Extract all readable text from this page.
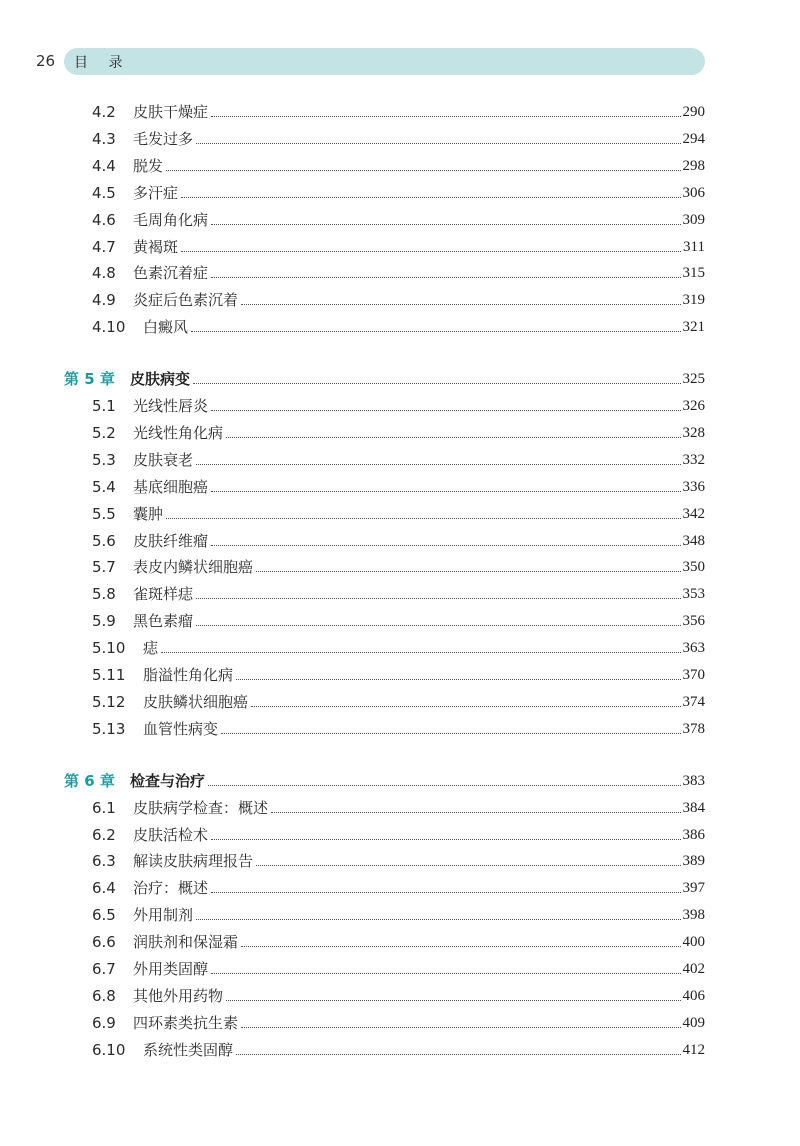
26 目 录
4.2	皮肤干燥症	290
4.3	毛发过多	294
4.4	脱发	298
4.5	多汗症	306
4.6	毛周角化病	309
4.7	黄褐斑	311
4.8	色素沉着症	315
4.9	炎症后色素沉着	319
4.10	白癜风	321
第 5 章	皮肤病变	325
5.1	光线性唇炎	326
5.2	光线性角化病	328
5.3	皮肤衰老	332
5.4	基底细胞癌	336
5.5	囊肿	342
5.6	皮肤纤维瘤	348
5.7	表皮内鳞状细胞癌	350
5.8	雀斑样痣	353
5.9	黑色素瘤	356
5.10	痣	363
5.11	脂溢性角化病	370
5.12	皮肤鳞状细胞癌	374
5.13	血管性病变	378
第 6 章	检查与治疗	383
6.1	皮肤病学检查：概述	384
6.2	皮肤活检术	386
6.3	解读皮肤病理报告	389
6.4	治疗：概述	397
6.5	外用制剂	398
6.6	润肤剂和保湿霜	400
6.7	外用类固醇	402
6.8	其他外用药物	406
6.9	四环素类抗生素	409
6.10	系统性类固醇	412
